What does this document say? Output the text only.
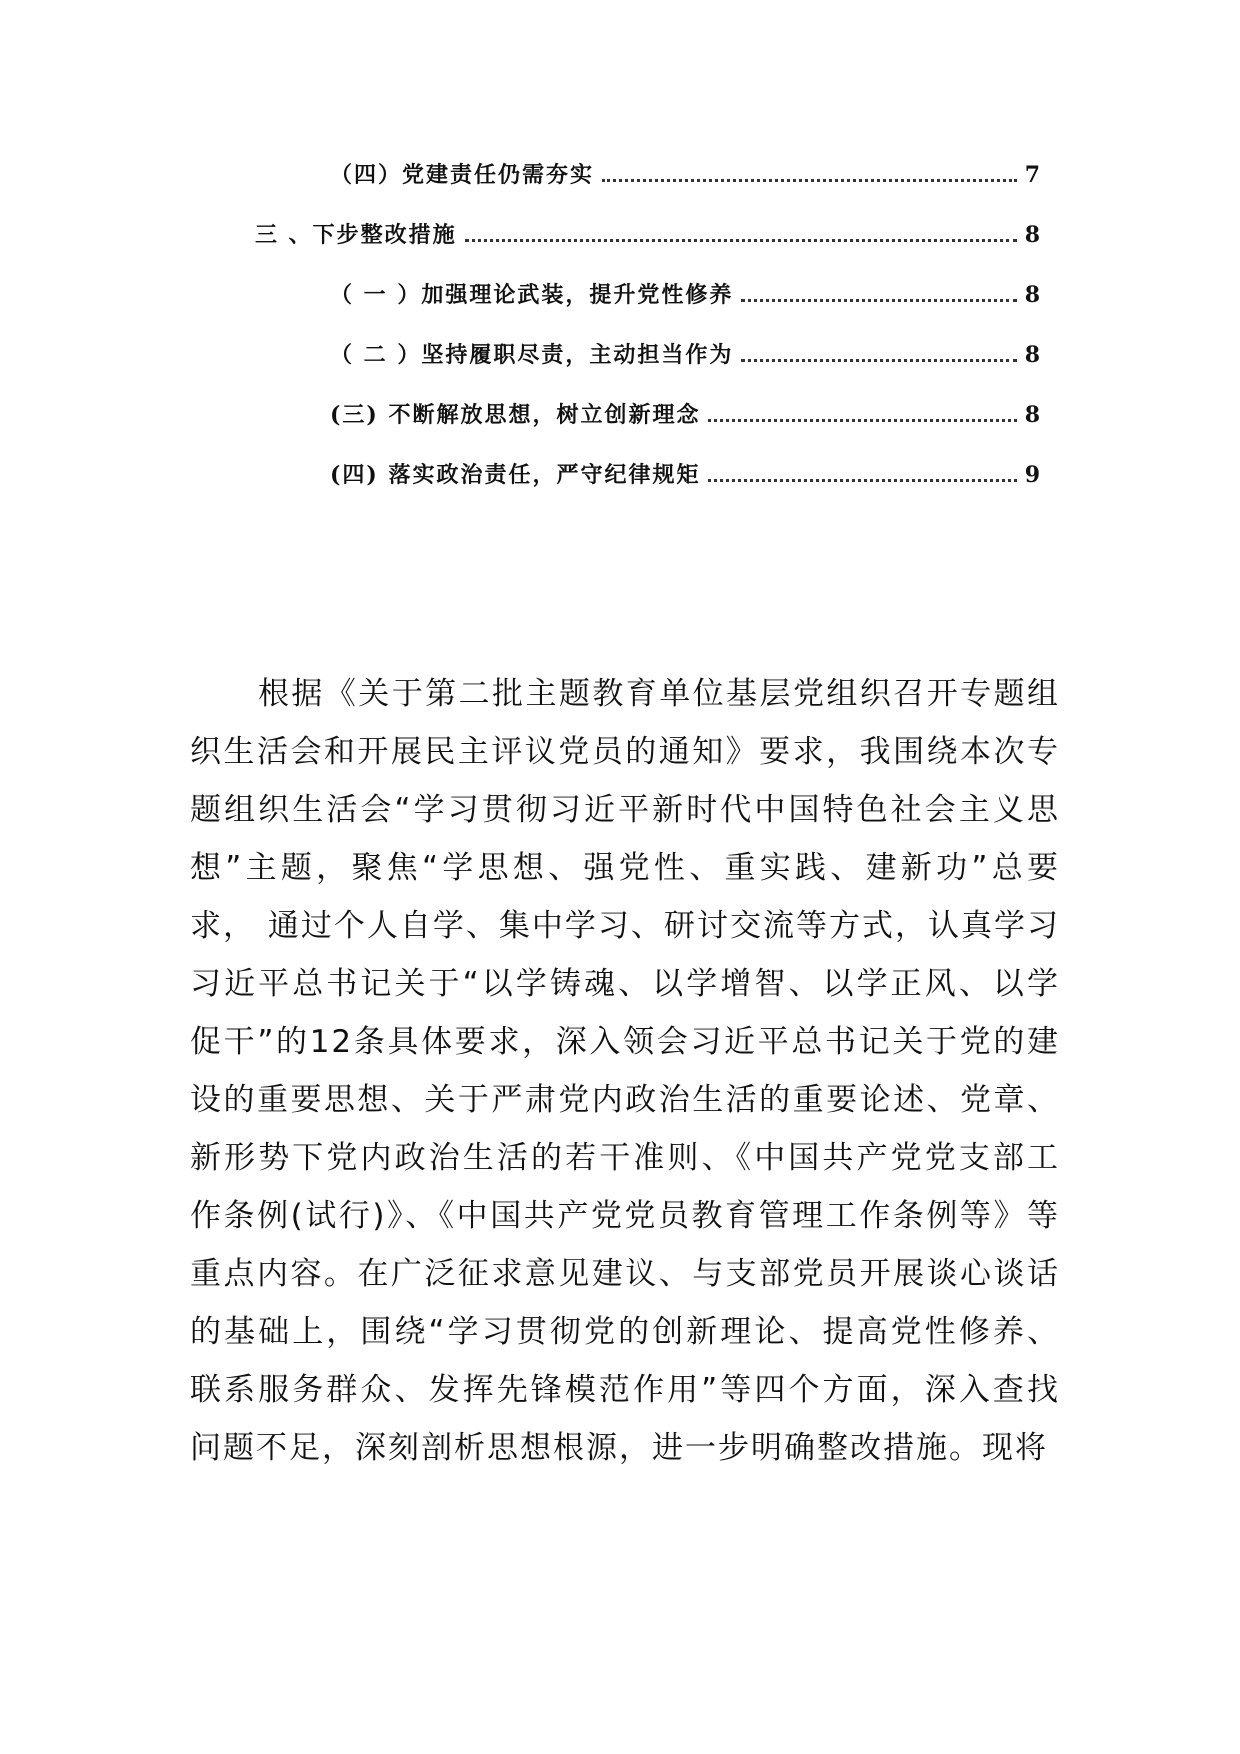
（四）党建责任仍需夯实	7
三 、下步整改措施	8
（ 一 ）加强理论武装，提升党性修养	8
（ 二 ）坚持履职尽责，主动担当作为	8
(三) 不断解放思想，树立创新理念	8
(四) 落实政治责任，严守纪律规矩	9

根据《关于第二批主题教育单位基层党组织召开专题组织生活会和开展民主评议党员的通知》要求，我围绕本次专题组织生活会“学习贯彻习近平新时代中国特色社会主义思想”主题，聚焦“学思想、强党性、重实践、建新功”总要求， 通过个人自学、集中学习、研讨交流等方式，认真学习习近平总书记关于“以学铸魂、以学增智、以学正风、以学促干”的12条具体要求，深入领会习近平总书记关于党的建设的重要思想、关于严肃党内政治生活的重要论述、党章、新形势下党内政治生活的若干准则、《中国共产党党支部工作条例(试行)》、《中国共产党党员教育管理工作条例等》等重点内容。在广泛征求意见建议、与支部党员开展谈心谈话的基础上，围绕“学习贯彻党的创新理论、提高党性修养、联系服务群众、发挥先锋模范作用”等四个方面，深入查找问题不足，深刻剖析思想根源，进一步明确整改措施。现将
